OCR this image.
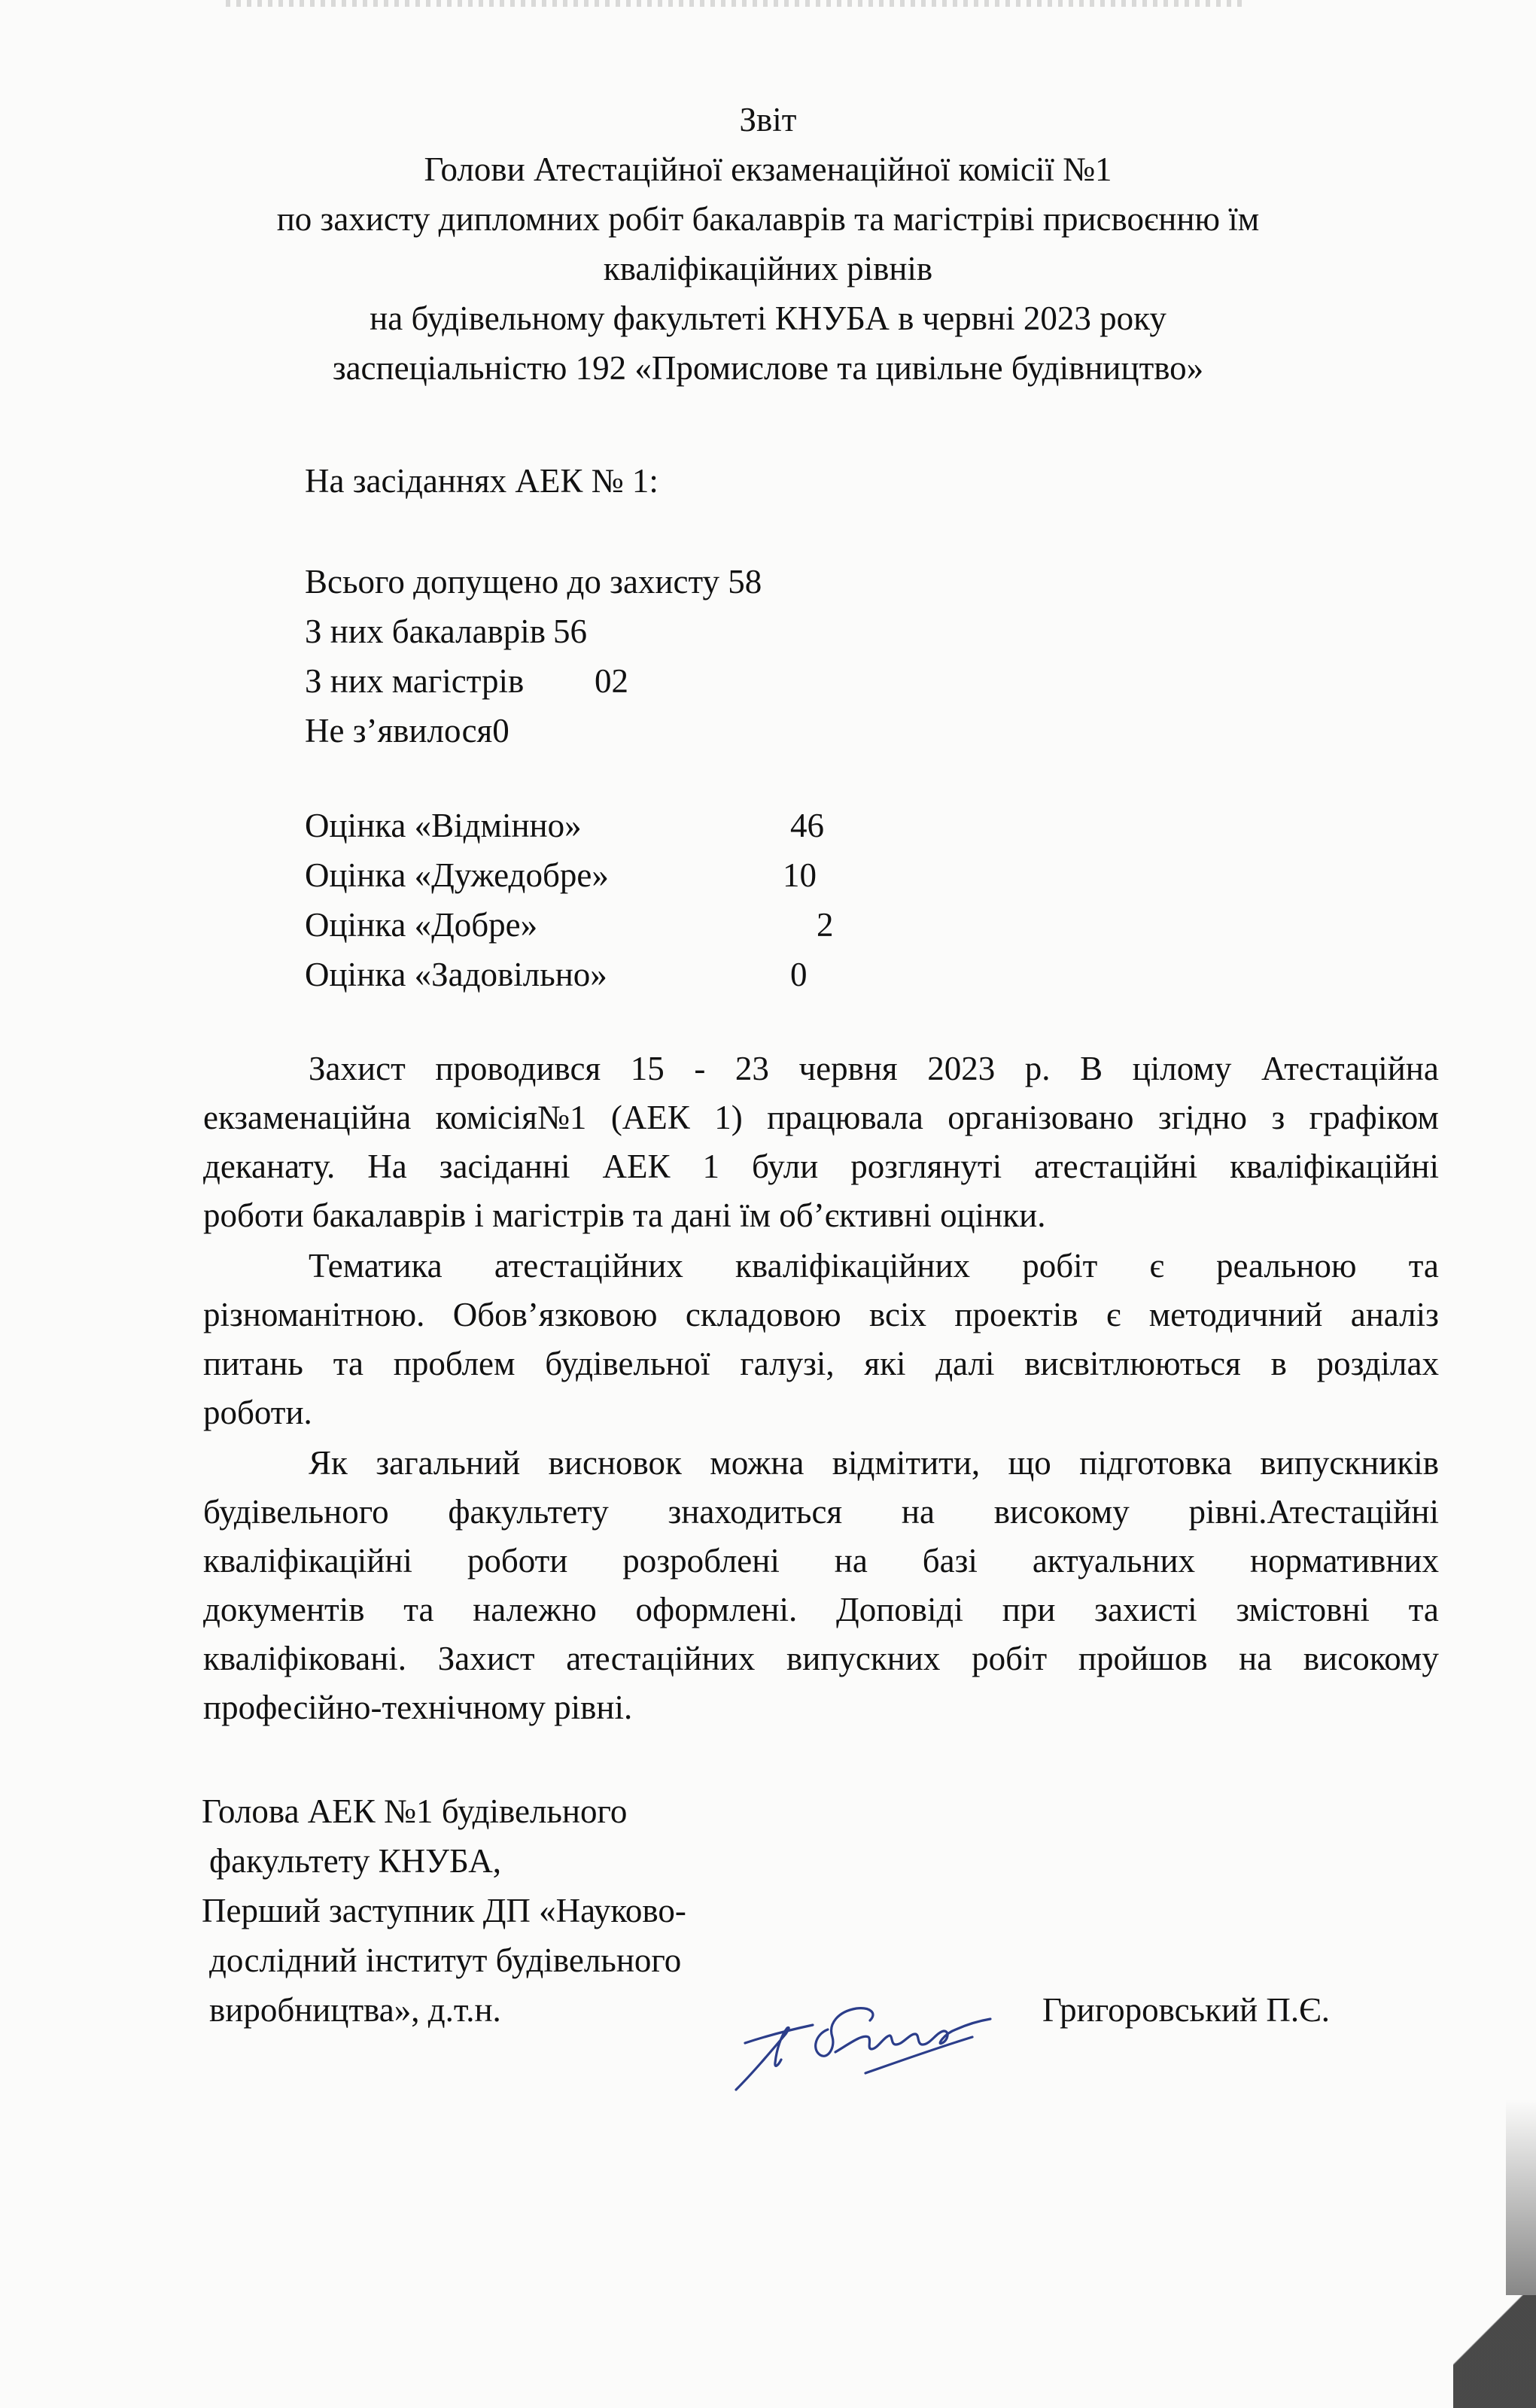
Звіт
Голови Атестаційної екзаменаційної комісії №1
по захисту дипломних робіт бакалаврів та магістріві присвоєнню їм
кваліфікаційних рівнів
на будівельному факультеті КНУБА в червні 2023 року
заспеціальністю 192 «Промислове та цивільне будівництво»
На засіданнях АЕК № 1:
Всього допущено до захисту 58
З них бакалаврів 56
З них магістрів 02
Не з’явилося0
Оцінка «Відмінно»	46
Оцінка «Дужедобре»	10
Оцінка «Добре»	2
Оцінка «Задовільно»	0
Захист проводився 15 - 23 червня 2023 р. В цілому Атестаційна
екзаменаційна комісія№1 (АЕК 1) працювала організовано згідно з графіком
деканату. На засіданні АЕК 1 були розглянуті атестаційні кваліфікаційні
роботи бакалаврів і магістрів та дані їм об’єктивні оцінки.
Тематика атестаційних кваліфікаційних робіт є реальною та
різноманітною. Обов’язковою складовою всіх проектів є методичний аналіз
питань та проблем будівельної галузі, які далі висвітлюються в розділах
роботи.
Як загальний висновок можна відмітити, що підготовка випускників
будівельного факультету знаходиться на високому рівні.Атестаційні
кваліфікаційні роботи розроблені на базі актуальних нормативних
документів та належно оформлені. Доповіді при захисті змістовні та
кваліфіковані. Захист атестаційних випускних робіт пройшов на високому
професійно-технічному рівні.
Голова АЕК №1 будівельного
факультету КНУБА,
Перший заступник ДП «Науково-
дослідний інститут будівельного
виробництва», д.т.н.	Григоровський П.Є.
